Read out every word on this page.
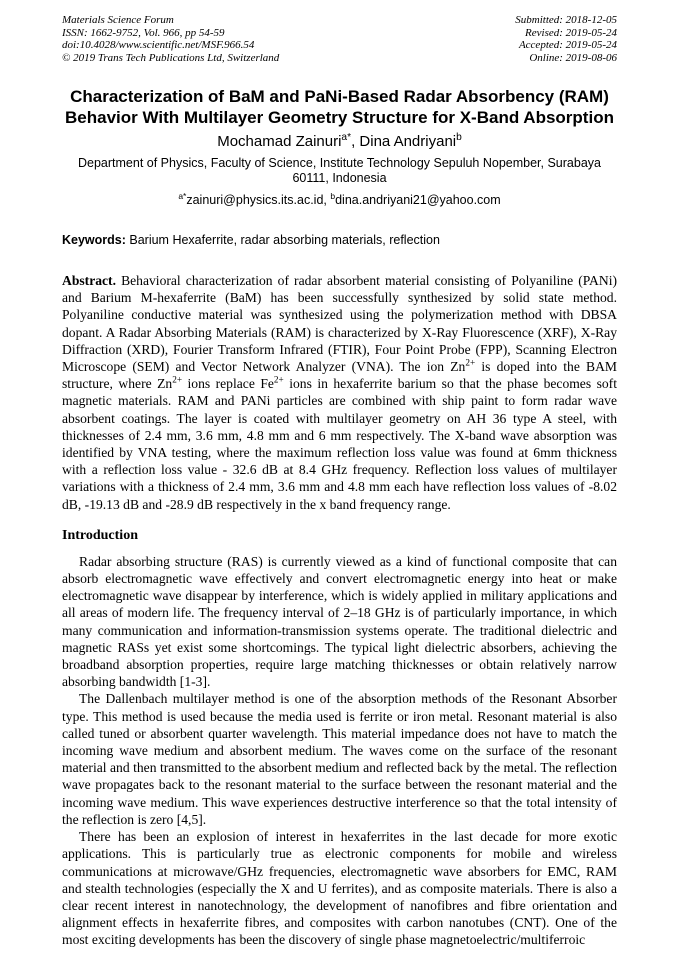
Materials Science Forum
ISSN: 1662-9752, Vol. 966, pp 54-59
doi:10.4028/www.scientific.net/MSF.966.54
© 2019 Trans Tech Publications Ltd, Switzerland
Submitted: 2018-12-05
Revised: 2019-05-24
Accepted: 2019-05-24
Online: 2019-08-06
Characterization of BaM and PaNi-Based Radar Absorbency (RAM)
Behavior With Multilayer Geometry Structure for X-Band Absorption
Mochamad Zainuri$^{a*}$, Dina Andriyani$^b$
Department of Physics, Faculty of Science, Institute Technology Sepuluh Nopember, Surabaya
60111, Indonesia
$^{a*}$zainuri@physics.its.ac.id, $^b$dina.andriyani21@yahoo.com
Keywords: Barium Hexaferrite, radar absorbing materials, reflection
Abstract. Behavioral characterization of radar absorbent material consisting of Polyaniline (PANi) and Barium M-hexaferrite (BaM) has been successfully synthesized by solid state method. Polyaniline conductive material was synthesized using the polymerization method with DBSA dopant. A Radar Absorbing Materials (RAM) is characterized by X-Ray Fluorescence (XRF), X-Ray Diffraction (XRD), Fourier Transform Infrared (FTIR), Four Point Probe (FPP), Scanning Electron Microscope (SEM) and Vector Network Analyzer (VNA). The ion $Zn^{2+}$ is doped into the BAM structure, where $Zn^{2+}$ ions replace $Fe^{2+}$ ions in hexaferrite barium so that the phase becomes soft magnetic materials. RAM and PANi particles are combined with ship paint to form radar wave absorbent coatings. The layer is coated with multilayer geometry on AH 36 type A steel, with thicknesses of 2.4 mm, 3.6 mm, 4.8 mm and 6 mm respectively. The X-band wave absorption was identified by VNA testing, where the maximum reflection loss value was found at 6mm thickness with a reflection loss value - 32.6 dB at 8.4 GHz frequency. Reflection loss values of multilayer variations with a thickness of 2.4 mm, 3.6 mm and 4.8 mm each have reflection loss values of -8.02 dB, -19.13 dB and -28.9 dB respectively in the x band frequency range.
Introduction

Radar absorbing structure (RAS) is currently viewed as a kind of functional composite that can absorb electromagnetic wave effectively and convert electromagnetic energy into heat or make electromagnetic wave disappear by interference, which is widely applied in military applications and all areas of modern life. The frequency interval of 2–18 GHz is of particularly importance, in which many communication and information-transmission systems operate. The traditional dielectric and magnetic RASs yet exist some shortcomings. The typical light dielectric absorbers, achieving the broadband absorption properties, require large matching thicknesses or obtain relatively narrow absorbing bandwidth [1-3].

The Dallenbach multilayer method is one of the absorption methods of the Resonant Absorber type. This method is used because the media used is ferrite or iron metal. Resonant material is also called tuned or absorbent quarter wavelength. This material impedance does not have to match the incoming wave medium and absorbent medium. The waves come on the surface of the resonant material and then transmitted to the absorbent medium and reflected back by the metal. The reflection wave propagates back to the resonant material to the surface between the resonant material and the incoming wave medium. This wave experiences destructive interference so that the total intensity of the reflection is zero [4,5].

There has been an explosion of interest in hexaferrites in the last decade for more exotic applications. This is particularly true as electronic components for mobile and wireless communications at microwave/GHz frequencies, electromagnetic wave absorbers for EMC, RAM and stealth technologies (especially the X and U ferrites), and as composite materials. There is also a clear recent interest in nanotechnology, the development of nanofibres and fibre orientation and alignment effects in hexaferrite fibres, and composites with carbon nanotubes (CNT). One of the most exciting developments has been the discovery of single phase magnetoelectric/multiferroic
